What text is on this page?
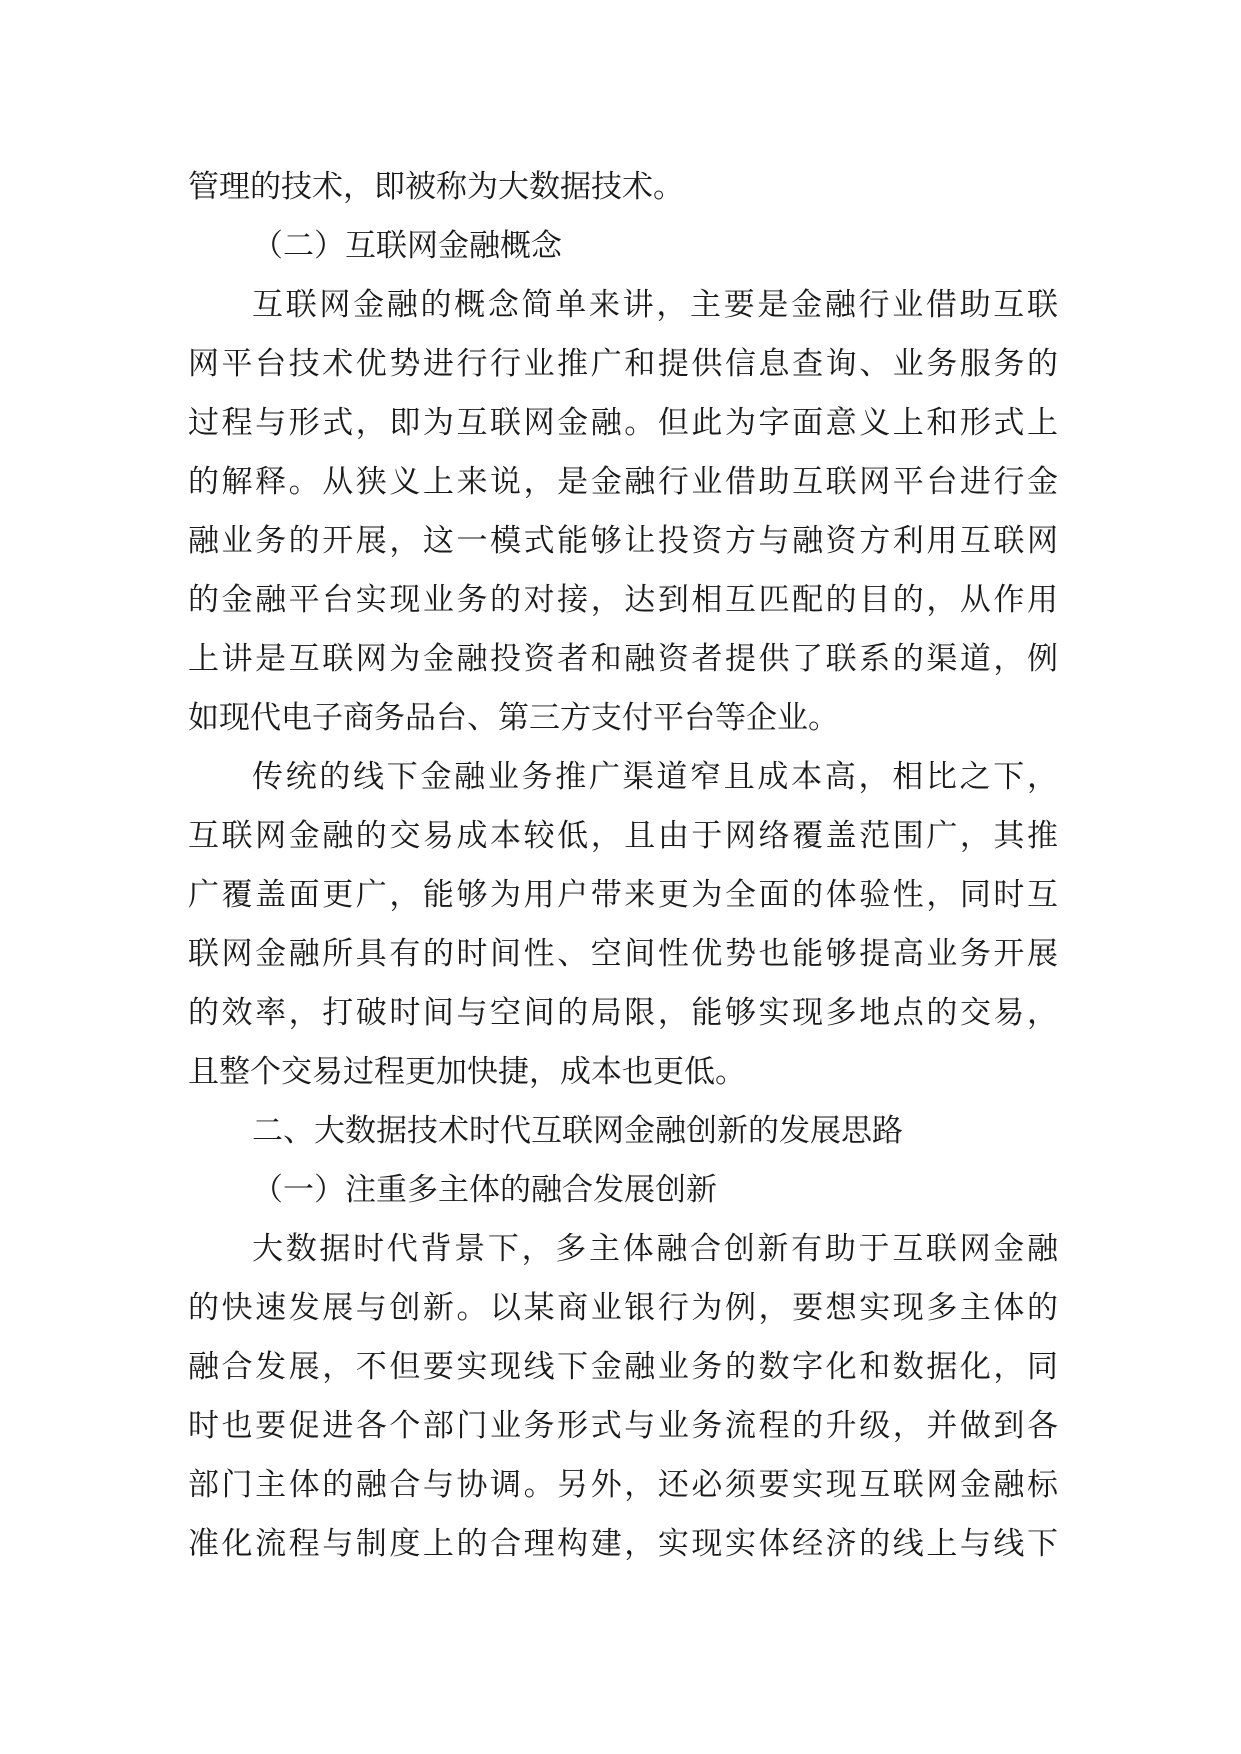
管理的技术，即被称为大数据技术。
（二）互联网金融概念
互联网金融的概念简单来讲，主要是金融行业借助互联
网平台技术优势进行行业推广和提供信息查询、业务服务的
过程与形式，即为互联网金融。但此为字面意义上和形式上
的解释。从狭义上来说，是金融行业借助互联网平台进行金
融业务的开展，这一模式能够让投资方与融资方利用互联网
的金融平台实现业务的对接，达到相互匹配的目的，从作用
上讲是互联网为金融投资者和融资者提供了联系的渠道，例
如现代电子商务品台、第三方支付平台等企业。
传统的线下金融业务推广渠道窄且成本高，相比之下，
互联网金融的交易成本较低，且由于网络覆盖范围广，其推
广覆盖面更广，能够为用户带来更为全面的体验性，同时互
联网金融所具有的时间性、空间性优势也能够提高业务开展
的效率，打破时间与空间的局限，能够实现多地点的交易，
且整个交易过程更加快捷，成本也更低。
二、大数据技术时代互联网金融创新的发展思路
（一）注重多主体的融合发展创新
大数据时代背景下，多主体融合创新有助于互联网金融
的快速发展与创新。以某商业银行为例，要想实现多主体的
融合发展，不但要实现线下金融业务的数字化和数据化，同
时也要促进各个部门业务形式与业务流程的升级，并做到各
部门主体的融合与协调。另外，还必须要实现互联网金融标
准化流程与制度上的合理构建，实现实体经济的线上与线下
